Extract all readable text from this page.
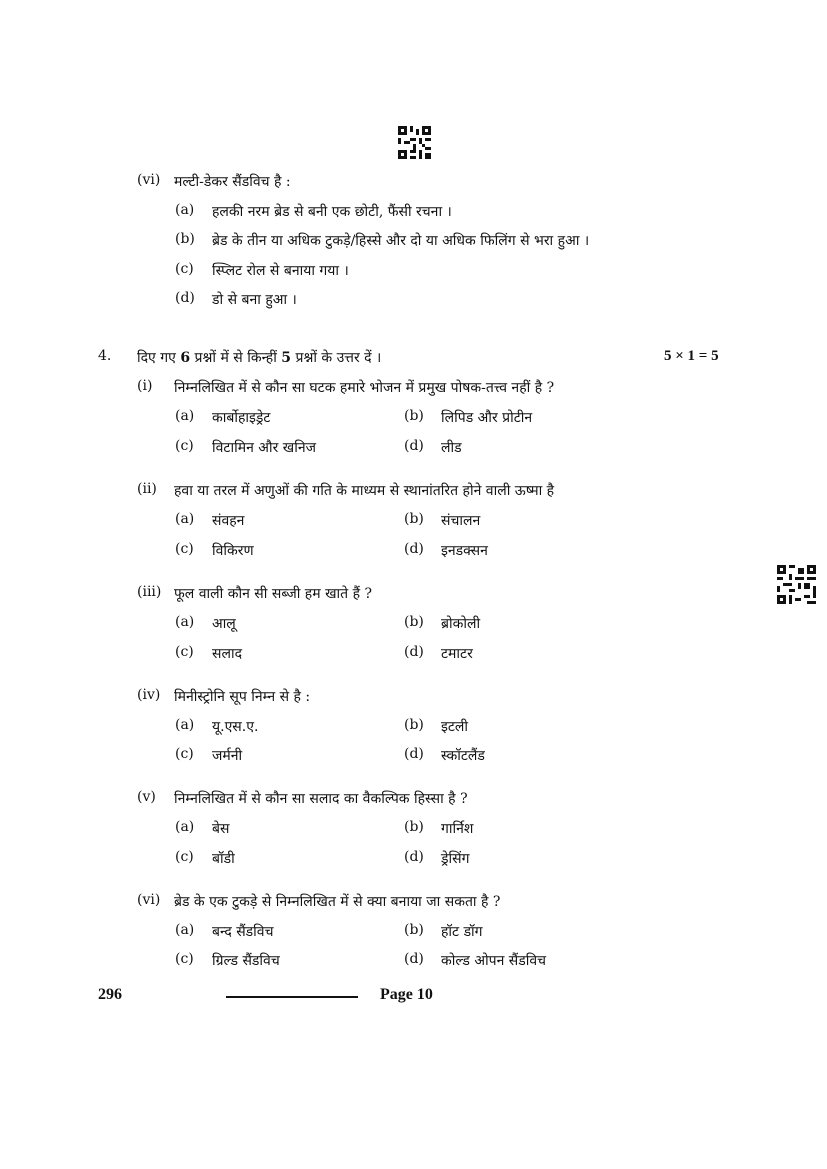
(vi) मल्टी-डेकर सैंडविच है :
(a) हलकी नरम ब्रेड से बनी एक छोटी, फैंसी रचना ।
(b) ब्रेड के तीन या अधिक टुकड़े/हिस्से और दो या अधिक फिलिंग से भरा हुआ ।
(c) स्प्लिट रोल से बनाया गया ।
(d) डो से बना हुआ ।
4. दिए गए 6 प्रश्नों में से किन्हीं 5 प्रश्नों के उत्तर दें ।	5 × 1 = 5
(i) निम्नलिखित में से कौन सा घटक हमारे भोजन में प्रमुख पोषक-तत्त्व नहीं है ?
(a) कार्बोहाइड्रेट	(b) लिपिड और प्रोटीन
(c) विटामिन और खनिज	(d) लीड
(ii) हवा या तरल में अणुओं की गति के माध्यम से स्थानांतरित होने वाली ऊष्मा है
(a) संवहन	(b) संचालन
(c) विकिरण	(d) इनडक्सन
(iii) फूल वाली कौन सी सब्जी हम खाते हैं ?
(a) आलू	(b) ब्रोकोली
(c) सलाद	(d) टमाटर
(iv) मिनीस्ट्रोनि सूप निम्न से है :
(a) यू.एस.ए.	(b) इटली
(c) जर्मनी	(d) स्कॉटलैंड
(v) निम्नलिखित में से कौन सा सलाद का वैकल्पिक हिस्सा है ?
(a) बेस	(b) गार्निश
(c) बॉडी	(d) ड्रेसिंग
(vi) ब्रेड के एक टुकड़े से निम्नलिखित में से क्या बनाया जा सकता है ?
(a) बन्द सैंडविच	(b) हॉट डॉग
(c) ग्रिल्ड सैंडविच	(d) कोल्ड ओपन सैंडविच
296	Page 10
